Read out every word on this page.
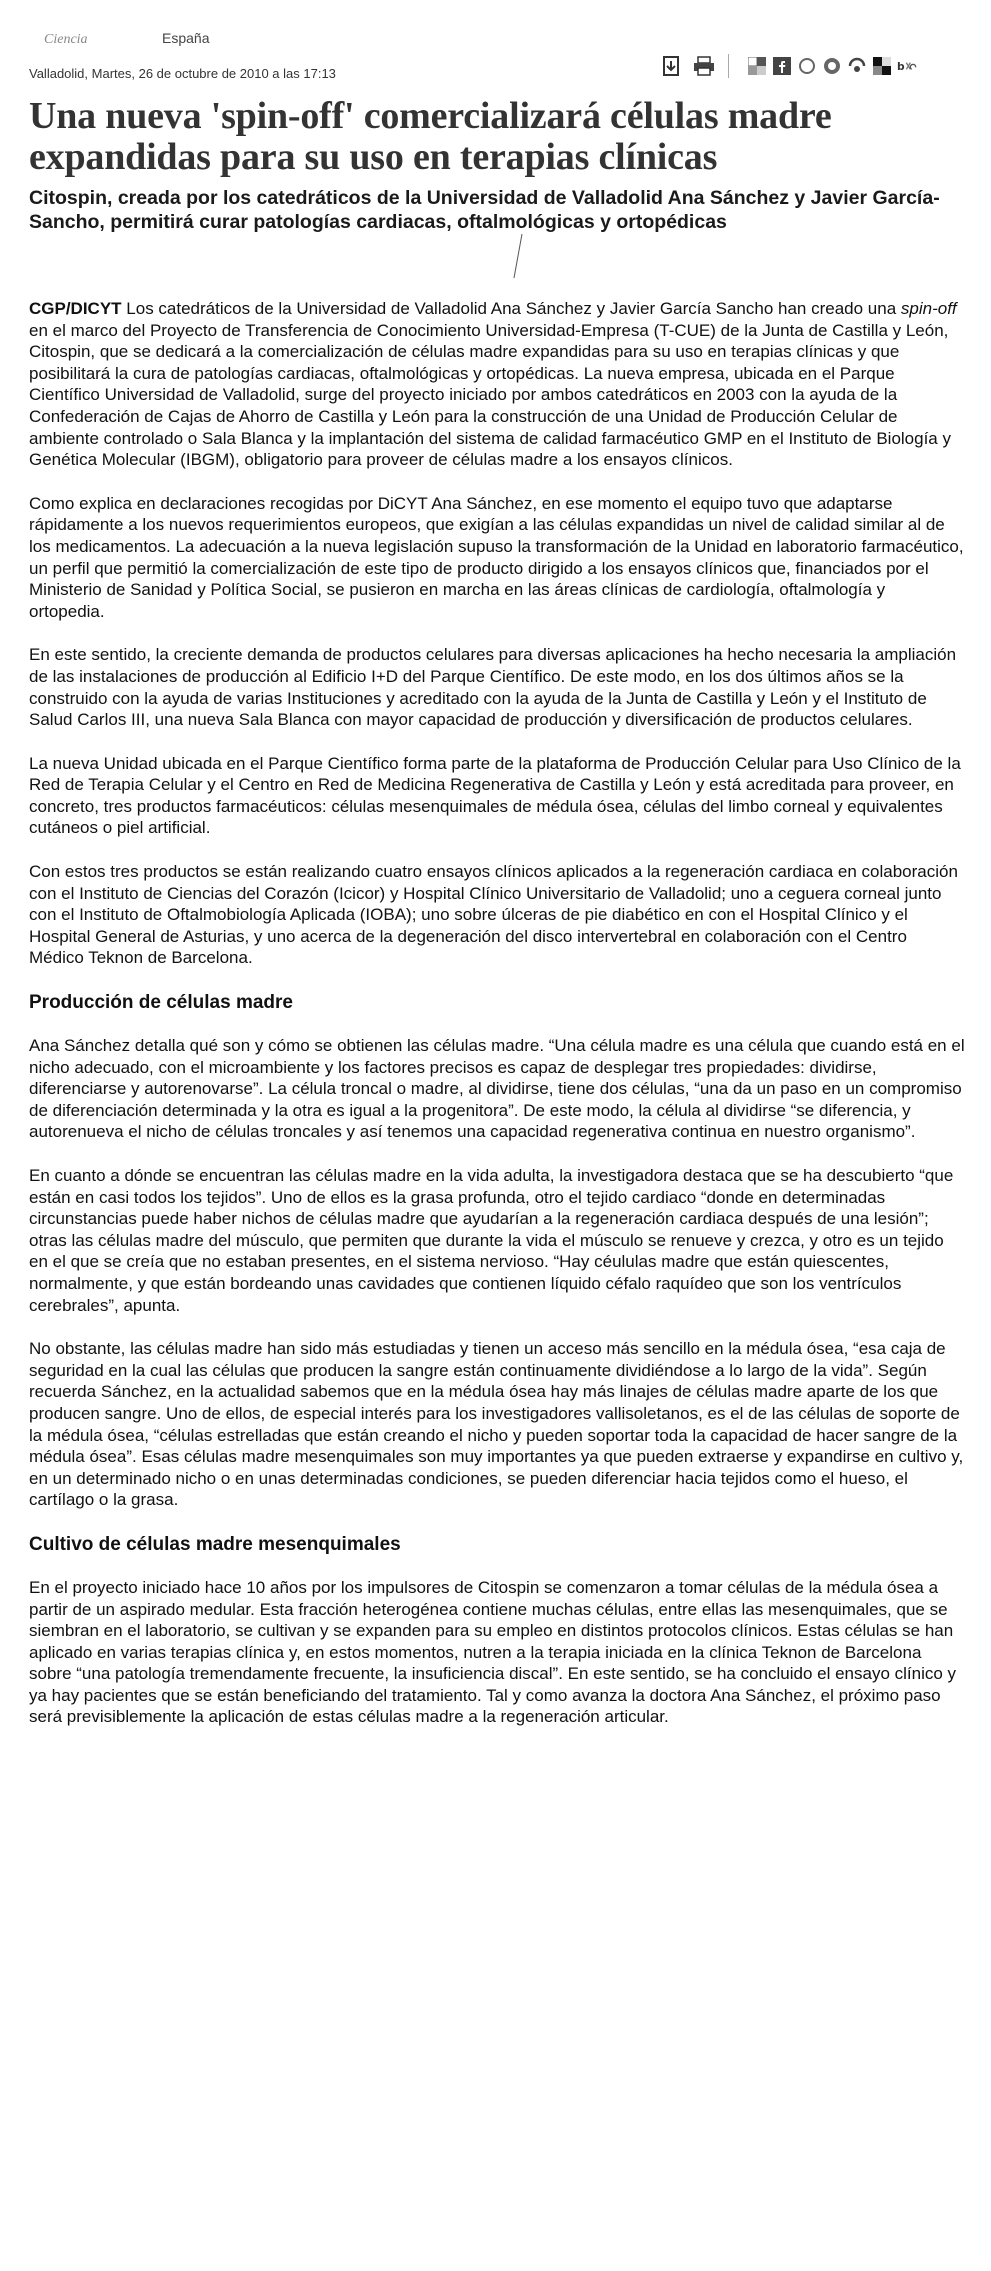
Ciencia	España
Valladolid, Martes, 26 de octubre de 2010 a las 17:13	b
Una nueva 'spin-off' comercializará células madre expandidas para su uso en terapias clínicas

Citospin, creada por los catedráticos de la Universidad de Valladolid Ana Sánchez y Javier García-Sancho, permitirá curar patologías cardiacas, oftalmológicas y ortopédicas

CGP/DICYT Los catedráticos de la Universidad de Valladolid Ana Sánchez y Javier García Sancho han creado una spin-off en el marco del Proyecto de Transferencia de Conocimiento Universidad-Empresa (T-CUE) de la Junta de Castilla y León, Citospin, que se dedicará a la comercialización de células madre expandidas para su uso en terapias clínicas y que posibilitará la cura de patologías cardiacas, oftalmológicas y ortopédicas. La nueva empresa, ubicada en el Parque Científico Universidad de Valladolid, surge del proyecto iniciado por ambos catedráticos en 2003 con la ayuda de la Confederación de Cajas de Ahorro de Castilla y León para la construcción de una Unidad de Producción Celular de ambiente controlado o Sala Blanca y la implantación del sistema de calidad farmacéutico GMP en el Instituto de Biología y Genética Molecular (IBGM), obligatorio para proveer de células madre a los ensayos clínicos.

Como explica en declaraciones recogidas por DiCYT Ana Sánchez, en ese momento el equipo tuvo que adaptarse rápidamente a los nuevos requerimientos europeos, que exigían a las células expandidas un nivel de calidad similar al de los medicamentos. La adecuación a la nueva legislación supuso la transformación de la Unidad en laboratorio farmacéutico, un perfil que permitió la comercialización de este tipo de producto dirigido a los ensayos clínicos que, financiados por el Ministerio de Sanidad y Política Social, se pusieron en marcha en las áreas clínicas de cardiología, oftalmología y ortopedia.

En este sentido, la creciente demanda de productos celulares para diversas aplicaciones ha hecho necesaria la ampliación de las instalaciones de producción al Edificio I+D del Parque Científico. De este modo, en los dos últimos años se la construido con la ayuda de varias Instituciones y acreditado con la ayuda de la Junta de Castilla y León y el Instituto de Salud Carlos III, una nueva Sala Blanca con mayor capacidad de producción y diversificación de productos celulares.

La nueva Unidad ubicada en el Parque Científico forma parte de la plataforma de Producción Celular para Uso Clínico de la Red de Terapia Celular y el Centro en Red de Medicina Regenerativa de Castilla y León y está acreditada para proveer, en concreto, tres productos farmacéuticos: células mesenquimales de médula ósea, células del limbo corneal y equivalentes cutáneos o piel artificial.

Con estos tres productos se están realizando cuatro ensayos clínicos aplicados a la regeneración cardiaca en colaboración con el Instituto de Ciencias del Corazón (Icicor) y Hospital Clínico Universitario de Valladolid; uno a ceguera corneal junto con el Instituto de Oftalmobiología Aplicada (IOBA); uno sobre úlceras de pie diabético en con el Hospital Clínico y el Hospital General de Asturias, y uno acerca de la degeneración del disco intervertebral en colaboración con el Centro Médico Teknon de Barcelona.

Producción de células madre

Ana Sánchez detalla qué son y cómo se obtienen las células madre. “Una célula madre es una célula que cuando está en el nicho adecuado, con el microambiente y los factores precisos es capaz de desplegar tres propiedades: dividirse, diferenciarse y autorenovarse”. La célula troncal o madre, al dividirse, tiene dos células, “una da un paso en un compromiso de diferenciación determinada y la otra es igual a la progenitora”. De este modo, la célula al dividirse “se diferencia, y autorenueva el nicho de células troncales y así tenemos una capacidad regenerativa continua en nuestro organismo”.

En cuanto a dónde se encuentran las células madre en la vida adulta, la investigadora destaca que se ha descubierto “que están en casi todos los tejidos”. Uno de ellos es la grasa profunda, otro el tejido cardiaco “donde en determinadas circunstancias puede haber nichos de células madre que ayudarían a la regeneración cardiaca después de una lesión”; otras las células madre del músculo, que permiten que durante la vida el músculo se renueve y crezca, y otro es un tejido en el que se creía que no estaban presentes, en el sistema nervioso. “Hay céululas madre que están quiescentes, normalmente, y que están bordeando unas cavidades que contienen líquido céfalo raquídeo que son los ventrículos cerebrales”, apunta.

No obstante, las células madre han sido más estudiadas y tienen un acceso más sencillo en la médula ósea, “esa caja de seguridad en la cual las células que producen la sangre están continuamente dividiéndose a lo largo de la vida”. Según recuerda Sánchez, en la actualidad sabemos que en la médula ósea hay más linajes de células madre aparte de los que producen sangre. Uno de ellos, de especial interés para los investigadores vallisoletanos, es el de las células de soporte de la médula ósea, “células estrelladas que están creando el nicho y pueden soportar toda la capacidad de hacer sangre de la médula ósea”. Esas células madre mesenquimales son muy importantes ya que pueden extraerse y expandirse en cultivo y, en un determinado nicho o en unas determinadas condiciones, se pueden diferenciar hacia tejidos como el hueso, el cartílago o la grasa.

Cultivo de células madre mesenquimales

En el proyecto iniciado hace 10 años por los impulsores de Citospin se comenzaron a tomar células de la médula ósea a partir de un aspirado medular. Esta fracción heterogénea contiene muchas células, entre ellas las mesenquimales, que se siembran en el laboratorio, se cultivan y se expanden para su empleo en distintos protocolos clínicos. Estas células se han aplicado en varias terapias clínica y, en estos momentos, nutren a la terapia iniciada en la clínica Teknon de Barcelona sobre “una patología tremendamente frecuente, la insuficiencia discal”. En este sentido, se ha concluido el ensayo clínico y ya hay pacientes que se están beneficiando del tratamiento. Tal y como avanza la doctora Ana Sánchez, el próximo paso será previsiblemente la aplicación de estas células madre a la regeneración articular.
